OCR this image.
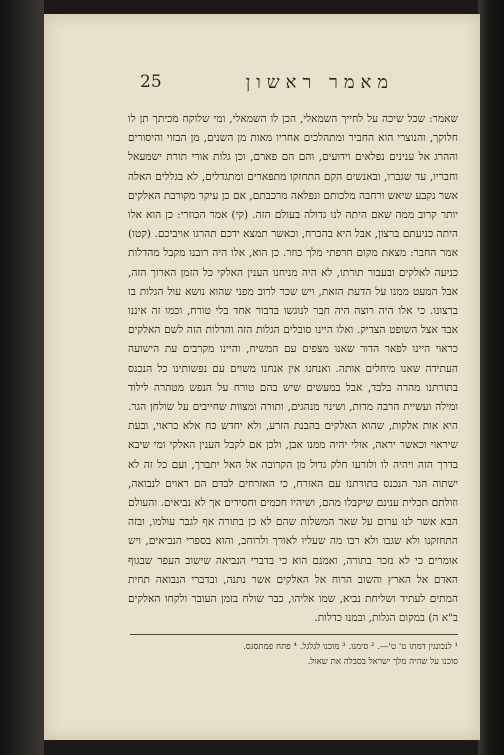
25	מאמר ראשון

שאמר: שכל שיכה על לחייך השמאלי, הכן לו השמאלי, ומי שלוקח מכיתך תן לו חלוקך, והנוצרי הוא החביר ומתהלכים אחריו מאות מן השנים, מן הבזוי והיסורים וההרג אל ענינים נפלאים וידועים, והם הם פארם, וכן גלות אורי תורת ישמעאל וחבריו, עד שגברו, ובאנשים הקם התחזקו מתפארים ומתגדלים, לא בגללים האלה אשר נקבע שיאש ורחבה מלכותם ונפלאה מרכבתם, אם כן עיקר מקורבת האלקים יותר קרוב ממה שאם היתה לנו גדולה בעולם הזה. (קי) אמר הכוזרי: כן הוא אלו היתה כניעתם ברצון, אבל היא בהכרח, וכאשר תמצא ידכם תהרגו אויביכם. (קטו) אמר החבר: מצאת מקום חרפתי מלך כוזר. כן הוא, אלו היה רובנו מקבל מהדלות כניעה לאלקים ובעבור תורתו, לא היה מניחנו הענין האלקי כל הזמן הארוך הזה, אבל המעט ממנו על הדעת הזאת, ויש שכר לרוב מפני שהוא נושא עול הגלות בו ברצונו. כי אלו היה רוצה היה חבר לנוגשו בדבור אחד בלי טורח, וכמו זה איננו אבד אצל השופט הצדיק. ואלו היינו סובלים הגלות הזה והדלות הזה לשם האלקים כראוי היינו לפאר הדור שאנו מצפים עם המשיח, והיינו מקרבים עת הישועה העתידה שאנו מיחלים אותה. ואנחנו אין אנחנו משוים עם נפשותינו כל הנכנס בתורתנו מהרה בלבד, אבל במעשים שיש בהם טורח על הנפש מטהרה לילוד ומילה ועשיית הרבה מדות, ושינוי מנהגים, ותורה ומצוות שחייבים על שולחן הגר. היא אות אלקות, שהוא האלקים בהבנת הזרע, ולא יחדש כח אלא כראוי, ובעת שיראוי וכאשר יראה, אולי יהיה ממנו אבן, ולכן אם לקבל הענין האלקי ומי שיבא בדרך הזה ויהיה לו ולזרעו חלק גדול מן הקרובה אל האל יתברך, ועם כל זה לא ישתוה הגר הנכנס בתורתנו עם האזרח, כי האזרחים לבדם הם ראוים לנבואה, וזולתם תכלית ענינם שיקבלו מהם, ושיהיו חכמים וחסידים אך לא נביאים. והעולם הבא אשר לנו ערום על שאר המשלות שהם לא כן בתורה אף לגבר עולמו, ובזה התחזקנו ולא שגבו ולא רבו מה שעליו לאורך ולרוחב, והוא בספרי הנביאים, ויש אומרים כי לא נזכר בתורה, ואמנם הוא כי בדברי הנביאה שישוב העפר שבגוף האדם אל הארץ והשוב הרוח אל האלקים אשר נתנה, ובדברי הנבואה תחית המתים לעתיד ושליחת נביא, שמו אליהו, כבר שולח בזמן העובר ולקחו האלקים

ב"א ה) במקום הגלות, ובמנו כדלות.

¹ לנכונגין דמתו ט' ט'—. ² סימנו. ³ מוכנו לגלגל. ⁴ פתח פמתסגס.
סוכנו על שהיה מלך ישראל בסבלה את שאול.
